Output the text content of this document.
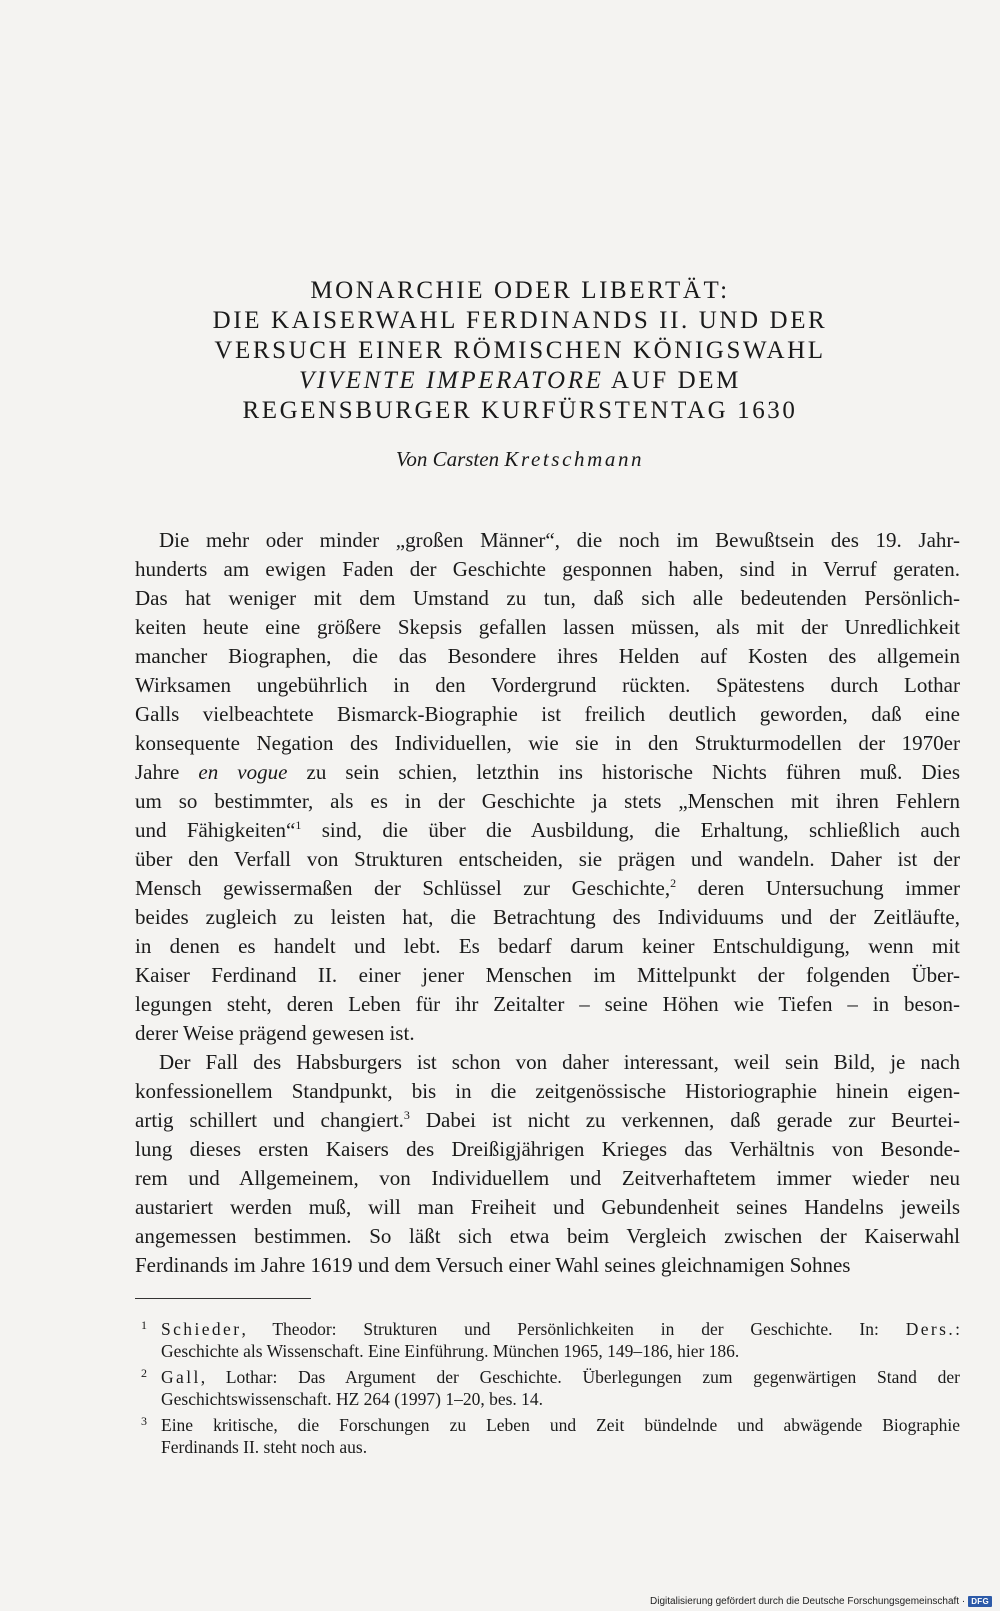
MONARCHIE ODER LIBERTÄT:
DIE KAISERWAHL FERDINANDS II. UND DER
VERSUCH EINER RÖMISCHEN KÖNIGSWAHL
VIVENTE IMPERATORE AUF DEM
REGENSBURGER KURFÜRSTENTAG 1630
Von Carsten Kretschmann
Die mehr oder minder „großen Männer“, die noch im Bewußtsein des 19. Jahr-
hunderts am ewigen Faden der Geschichte gesponnen haben, sind in Verruf geraten.
Das hat weniger mit dem Umstand zu tun, daß sich alle bedeutenden Persönlich-
keiten heute eine größere Skepsis gefallen lassen müssen, als mit der Unredlichkeit
mancher Biographen, die das Besondere ihres Helden auf Kosten des allgemein
Wirksamen ungebührlich in den Vordergrund rückten. Spätestens durch Lothar
Galls vielbeachtete Bismarck-Biographie ist freilich deutlich geworden, daß eine
konsequente Negation des Individuellen, wie sie in den Strukturmodellen der 1970er
Jahre en vogue zu sein schien, letzthin ins historische Nichts führen muß. Dies
um so bestimmter, als es in der Geschichte ja stets „Menschen mit ihren Fehlern
und Fähigkeiten“$^1$ sind, die über die Ausbildung, die Erhaltung, schließlich auch
über den Verfall von Strukturen entscheiden, sie prägen und wandeln. Daher ist der
Mensch gewissermaßen der Schlüssel zur Geschichte,$^2$ deren Untersuchung immer
beides zugleich zu leisten hat, die Betrachtung des Individuums und der Zeitläufte,
in denen es handelt und lebt. Es bedarf darum keiner Entschuldigung, wenn mit
Kaiser Ferdinand II. einer jener Menschen im Mittelpunkt der folgenden Über-
legungen steht, deren Leben für ihr Zeitalter – seine Höhen wie Tiefen – in beson-
derer Weise prägend gewesen ist.
Der Fall des Habsburgers ist schon von daher interessant, weil sein Bild, je nach
konfessionellem Standpunkt, bis in die zeitgenössische Historiographie hinein eigen-
artig schillert und changiert.$^3$ Dabei ist nicht zu verkennen, daß gerade zur Beurtei-
lung dieses ersten Kaisers des Dreißigjährigen Krieges das Verhältnis von Besonde-
rem und Allgemeinem, von Individuellem und Zeitverhaftetem immer wieder neu
austariert werden muß, will man Freiheit und Gebundenheit seines Handelns jeweils
angemessen bestimmen. So läßt sich etwa beim Vergleich zwischen der Kaiserwahl
Ferdinands im Jahre 1619 und dem Versuch einer Wahl seines gleichnamigen Sohnes
1 Schieder, Theodor: Strukturen und Persönlichkeiten in der Geschichte. In: Ders.:
Geschichte als Wissenschaft. Eine Einführung. München 1965, 149–186, hier 186.
2 Gall, Lothar: Das Argument der Geschichte. Überlegungen zum gegenwärtigen Stand der
Geschichtswissenschaft. HZ 264 (1997) 1–20, bes. 14.
3 Eine kritische, die Forschungen zu Leben und Zeit bündelnde und abwägende Biographie
Ferdinands II. steht noch aus.
Digitalisierung gefördert durch die Deutsche Forschungsgemeinschaft · DFG
